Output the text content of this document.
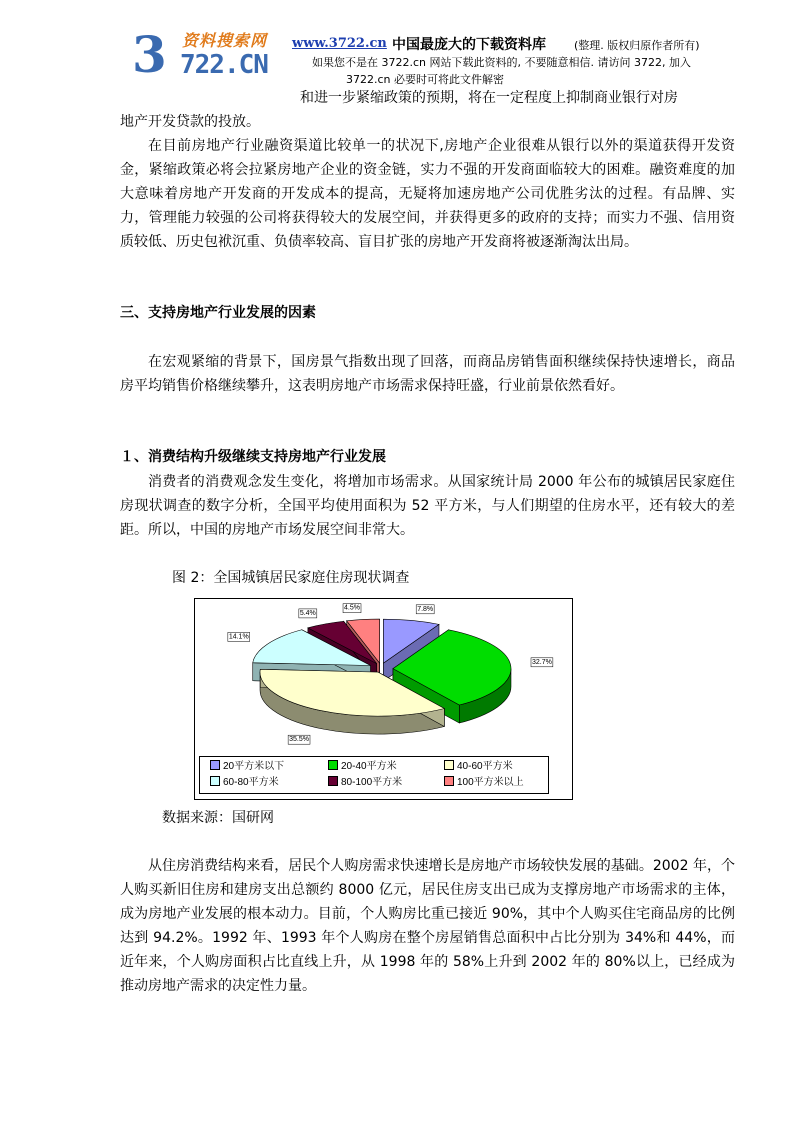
3 722.CN
资料搜索网 www.3722.cn 中国最庞大的下载资料库	(整理. 版权归原作者所有)
如果您不是在 3722.cn 网站下载此资料的, 不要随意相信. 请访问 3722, 加入
3722.cn 必要时可将此文件解密
和进一步紧缩政策的预期，将在一定程度上抑制商业银行对房
地产开发贷款的投放。
在目前房地产行业融资渠道比较单一的状况下,房地产企业很难从银行以外的渠道获得开发资金，紧缩政策必将会拉紧房地产企业的资金链，实力不强的开发商面临较大的困难。融资难度的加大意味着房地产开发商的开发成本的提高，无疑将加速房地产公司优胜劣汰的过程。有品牌、实力，管理能力较强的公司将获得较大的发展空间，并获得更多的政府的支持；而实力不强、信用资质较低、历史包袱沉重、负债率较高、盲目扩张的房地产开发商将被逐渐淘汰出局。
三、支持房地产行业发展的因素
在宏观紧缩的背景下，国房景气指数出现了回落，而商品房销售面积继续保持快速增长，商品房平均销售价格继续攀升，这表明房地产市场需求保持旺盛，行业前景依然看好。
１、消费结构升级继续支持房地产行业发展
消费者的消费观念发生变化，将增加市场需求。从国家统计局 2000 年公布的城镇居民家庭住房现状调查的数字分析，全国平均使用面积为 52 平方米，与人们期望的住房水平，还有较大的差距。所以，中国的房地产市场发展空间非常大。
图 2：全国城镇居民家庭住房现状调查
7.8%
32.7%
35.5%
14.1%
5.4%
4.5%
20平方米以下	20-40平方米	40-60平方米
60-80平方米	80-100平方米	100平方米以上
数据来源：国研网
从住房消费结构来看，居民个人购房需求快速增长是房地产市场较快发展的基础。2002 年，个人购买新旧住房和建房支出总额约 8000 亿元，居民住房支出已成为支撑房地产市场需求的主体，成为房地产业发展的根本动力。目前，个人购房比重已接近 90%，其中个人购买住宅商品房的比例达到 94.2%。1992 年、1993 年个人购房在整个房屋销售总面积中占比分别为 34%和 44%，而近年来，个人购房面积占比直线上升，从 1998 年的 58%上升到 2002 年的 80%以上，已经成为推动房地产需求的决定性力量。
